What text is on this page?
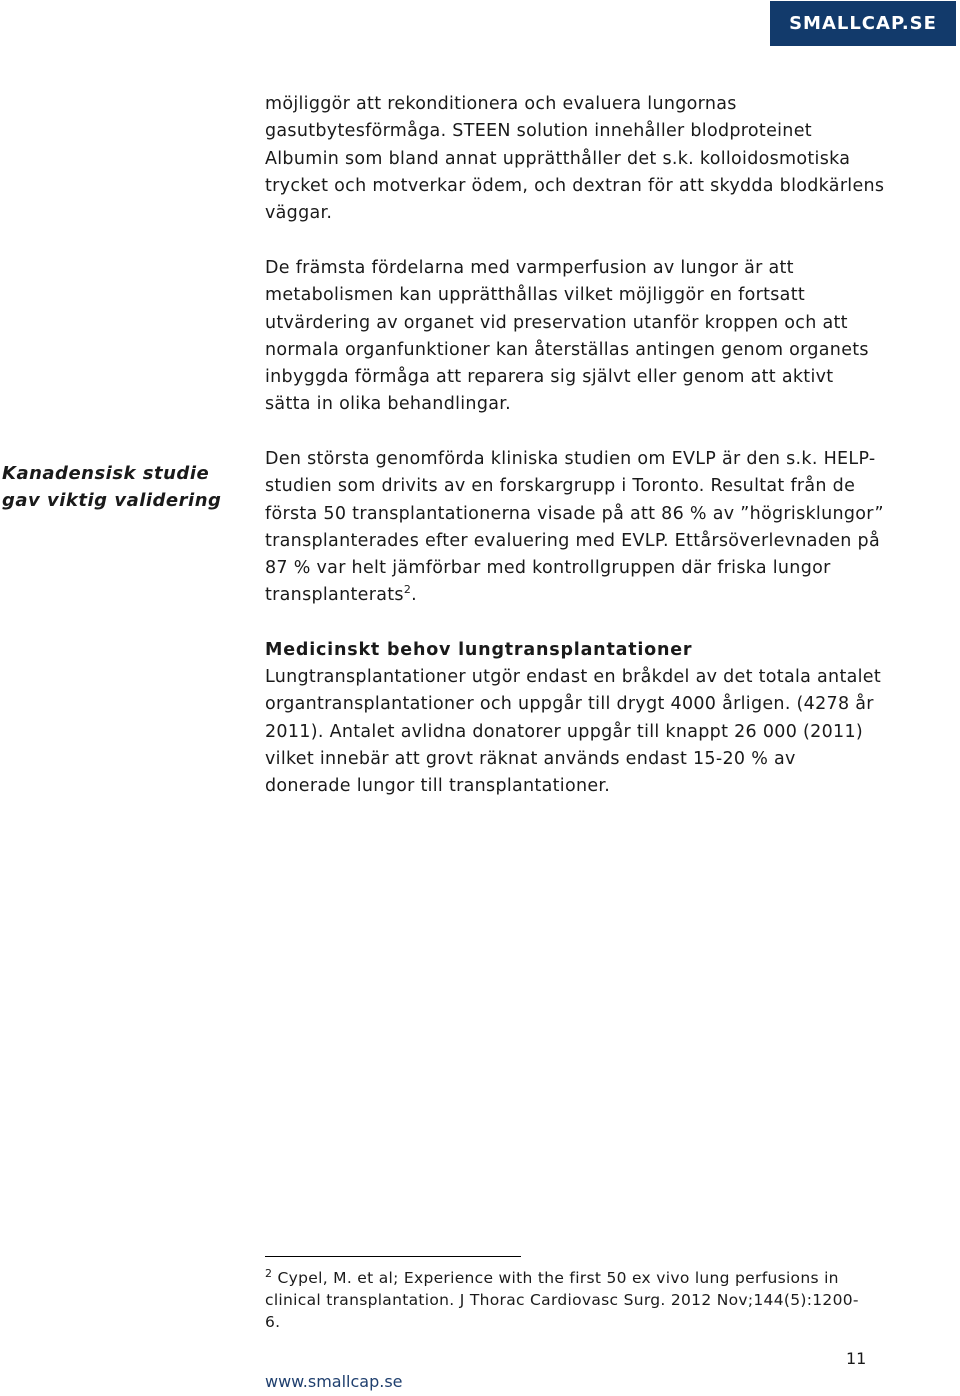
SMALLCAP.SE

möjliggör att rekonditionera och evaluera lungornas gasutbytesförmåga. STEEN solution innehåller blodproteinet Albumin som bland annat upprätthåller det s.k. kolloidosmotiska trycket och motverkar ödem, och dextran för att skydda blodkärlens väggar.

De främsta fördelarna med varmperfusion av lungor är att metabolismen kan upprätthållas vilket möjliggör en fortsatt utvärdering av organet vid preservation utanför kroppen och att normala organfunktioner kan återställas antingen genom organets inbyggda förmåga att reparera sig självt eller genom att aktivt sätta in olika behandlingar.

Kanadensisk studie gav viktig validering

Den största genomförda kliniska studien om EVLP är den s.k. HELP-studien som drivits av en forskargrupp i Toronto. Resultat från de första 50 transplantationerna visade på att 86 % av ”högrisklungor” transplanterades efter evaluering med EVLP. Ettårsöverlevnaden på 87 % var helt jämförbar med kontrollgruppen där friska lungor transplanterats$^2$.

Medicinskt behov lungtransplantationer

Lungtransplantationer utgör endast en bråkdel av det totala antalet organtransplantationer och uppgår till drygt 4000 årligen. (4278 år 2011). Antalet avlidna donatorer uppgår till knappt 26 000 (2011) vilket innebär att grovt räknat används endast 15-20 % av donerade lungor till transplantationer.

$^2$ Cypel, M. et al; Experience with the first 50 ex vivo lung perfusions in clinical transplantation. J Thorac Cardiovasc Surg. 2012 Nov;144(5):1200-6.

11

www.smallcap.se
